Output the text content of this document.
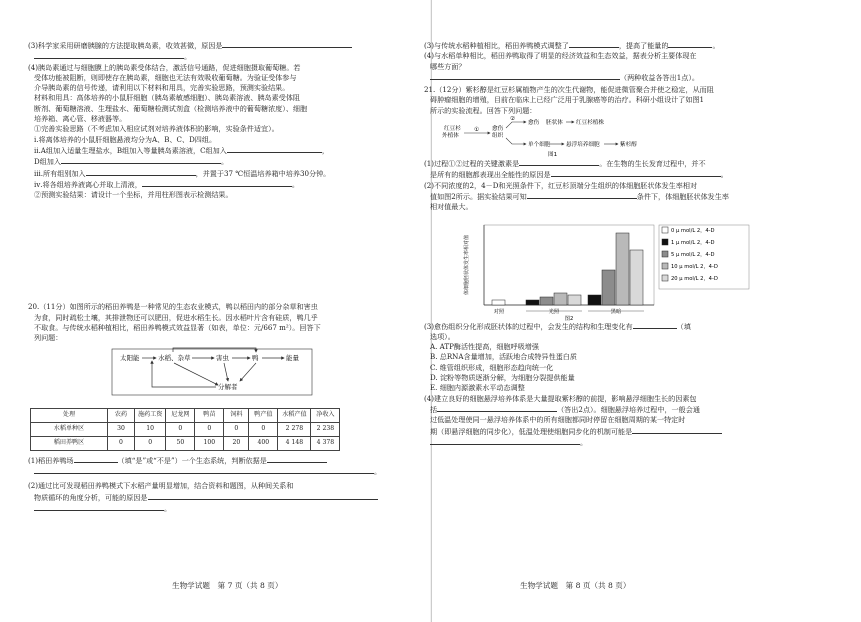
(3)科学家采用研磨胰腺的方法提取胰岛素，收效甚微，原因是

。

(4)胰岛素通过与细胞膜上的胰岛素受体结合，激活信号通路，促进细胞摄取葡萄糖。若

受体功能被阻断，则即使存在胰岛素，细胞也无法有效吸收葡萄糖。为验证受体参与

介导胰岛素的信号传递，请利用以下材料和用具，完善实验思路，预测实验结果。

材料和用具：高体培养的小鼠肝细胞（胰岛素敏感细胞）、胰岛素溶液、胰岛素受体阻

断剂、葡萄糖溶液、生理盐水、葡萄糖检测试剂盒（检测培养液中的葡萄糖浓度）、细胞

培养箱、离心管、移液器等。

①完善实验思路（不考虑加入相应试剂对培养液体积的影响，实验条件适宜）。

ⅰ.将离体培养的小鼠肝细胞悬液均分为A、B、C、D四组。

ⅱ.A组加入适量生理盐水，B组加入等量胰岛素溶液，C组加入	，

D组加入	。

ⅲ.所有组别加入	，并置于37 ℃恒温培养箱中培养30分钟。

ⅳ.将各组培养液离心并取上清液，	。

②预测实验结果：请设计一个坐标，并用柱形图表示检测结果。

20.（11分）如图所示的稻田养鸭是一种常见的生态农业模式，鸭以稻田内的部分杂草和害虫

为食，同时疏松土壤，其排泄物还可以肥田，促进水稻生长。因水稻叶片含有硅质，鸭几乎

不取食。与传统水稻种植相比，稻田养鸭模式效益显著（如表，单位：元/667 m²）。回答下

列问题：

太阳能	水稻、杂草	害虫	鸭	能量
分解者
处理	农药	施药工资	尼龙网	鸭苗	饲料	鸭产值	水稻产值	净收入
水稻单种区	30	10	0	0	0	0	2 278	2 238
稻田养鸭区	0	0	50	100	20	400	4 148	4 378

(1)稻田养鸭场	（填“是”或“不是”）一个生态系统，判断依据是

。

(2)通过比可发现稻田养鸭模式下水稻产量明显增加，结合资料和题图，从种间关系和

物质循环的角度分析，可能的原因是

。

(3)与传统水稻种植相比，稻田养鸭模式调整了	，提高了能量的	。

(4)与水稻单种相比，稻田养鸭取得了明显的经济效益和生态效益，据表分析主要体现在

哪些方面？

（两种收益各答出1点）。

21.（12分）紫杉醇是红豆杉属植物产生的次生代谢物，能促进微管聚合并使之稳定，从而阻

碍肿瘤细胞的增殖，目前在临床上已经广泛用于乳腺癌等的治疗。科研小组设计了如图1

所示的实验流程。回答下列问题：

红豆杉
外植体
① 愈伤
组织
②
愈伤 胚状体 红豆杉植株
单个细胞	悬浮培养细胞	紫杉醇
图1

(1)过程①②过程的关键激素是	。在生物的生长发育过程中，并不

是所有的细胞都表现出全能性的原因是	。

(2)不同浓度的2，4－D和光照条件下，红豆杉顶端分生组织的体细胞胚状体发生率相对

值如图2所示。据实验结果可知	条件下，体细胞胚状体发生率

相对值最大。

体细胞胚状体发生率相对值
对照	光照	黑暗
图2
0 μ mol/L 2，4-D
1 μ mol/L 2，4-D
5 μ mol/L 2，4-D
10 μ mol/L 2，4-D
20 μ mol/L 2，4-D

(3)愈伤组织分化形成胚状体的过程中，会发生的结构和生理变化有	（填

选项）。

A. ATP酶活性提高，细胞呼吸增强

B. 总RNA含量增加，活跃地合成特异性蛋白质

C. 维管组织形成，细胞形态趋向统一化

D. 淀粉等物质逐渐分解，为细胞分裂提供能量

E. 细胞内源激素水平动态调整

(4)建立良好的细胞悬浮培养体系是大量提取紫杉醇的前提，影响悬浮细胞生长的因素包

括	（答出2点）。细胞悬浮培养过程中，一般会通

过低温处理使同一悬浮培养体系中的所有细胞都同时停留在细胞周期的某一特定时

期（即悬浮细胞的同步化），低温处理使细胞同步化的机制可能是

。

生物学试题　第 7 页（共 8 页）	生物学试题　第 8 页（共 8 页）
